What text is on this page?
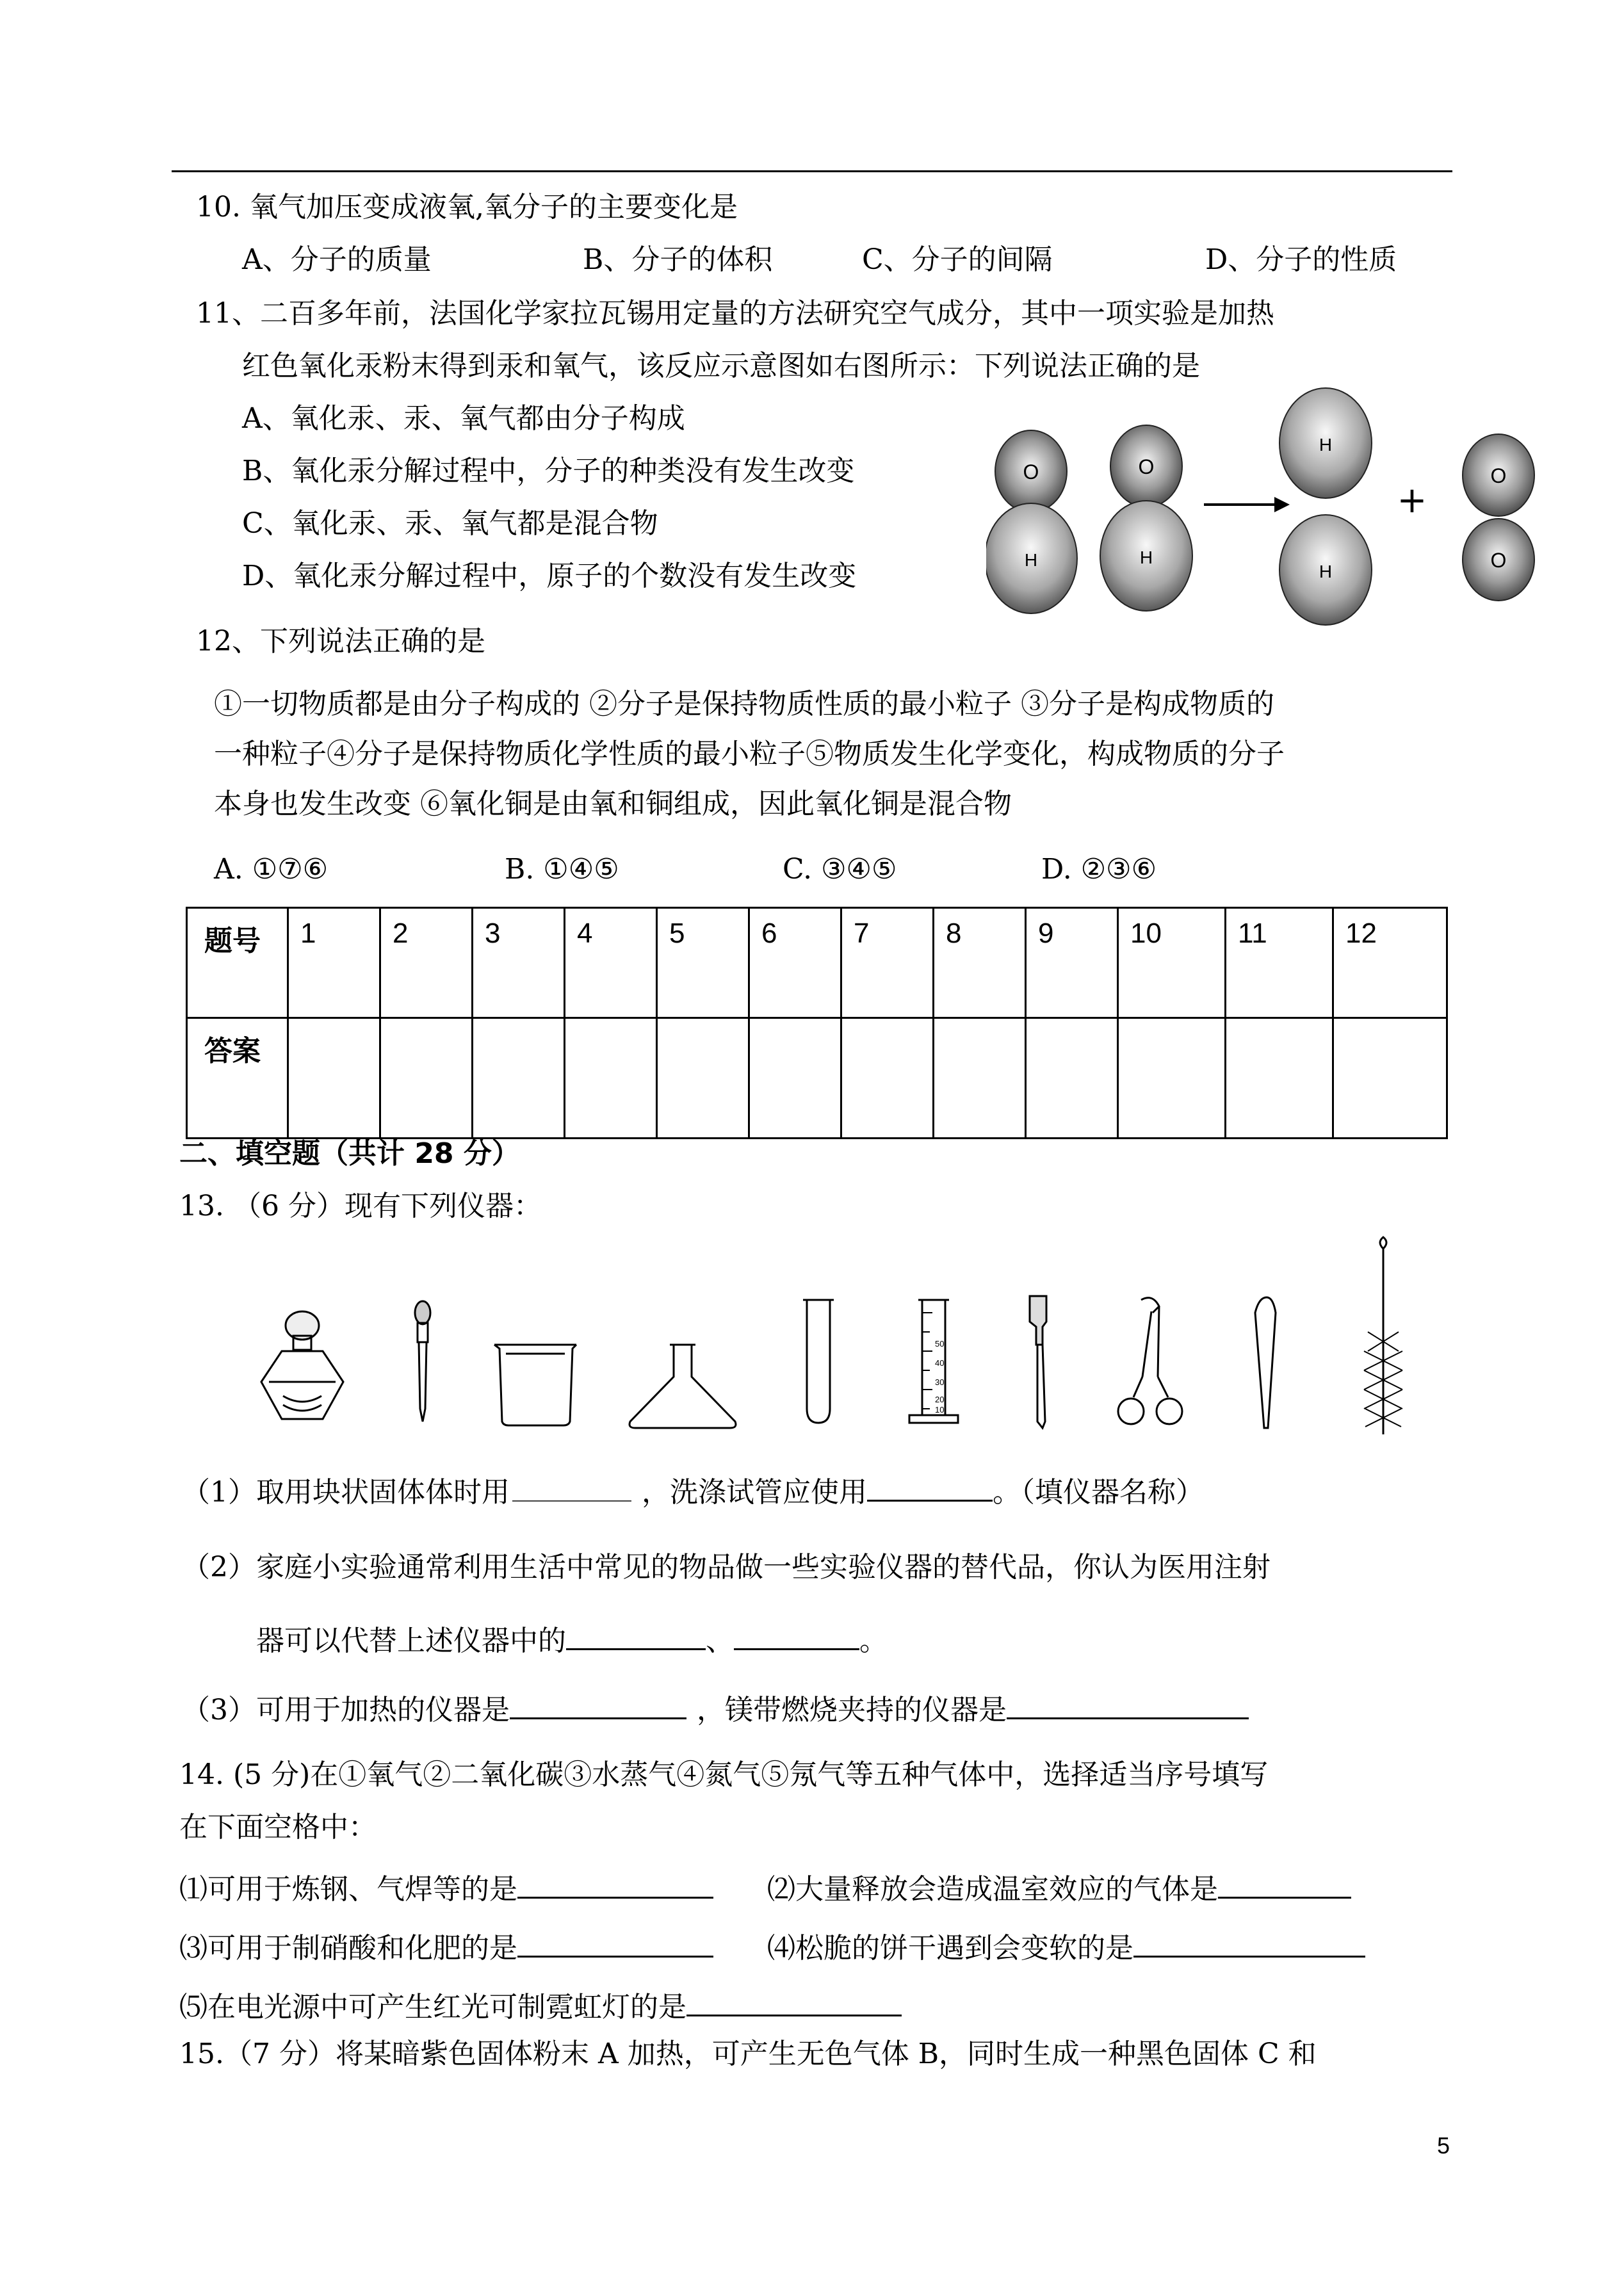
10. 氧气加压变成液氧,氧分子的主要变化是
A、分子的质量	B、分子的体积	C、分子的间隔	D、分子的性质
11、二百多年前，法国化学家拉瓦锡用定量的方法研究空气成分，其中一项实验是加热
红色氧化汞粉末得到汞和氧气，该反应示意图如右图所示：下列说法正确的是
A、氧化汞、汞、氧气都由分子构成
B、氧化汞分解过程中，分子的种类没有发生改变
C、氧化汞、汞、氧气都是混合物
D、氧化汞分解过程中，原子的个数没有发生改变
O
H
O
H
H
H
+
O
O
12、下列说法正确的是
①一切物质都是由分子构成的 ②分子是保持物质性质的最小粒子 ③分子是构成物质的
一种粒子④分子是保持物质化学性质的最小粒子⑤物质发生化学变化，构成物质的分子
本身也发生改变 ⑥氧化铜是由氧和铜组成，因此氧化铜是混合物
A. ①⑦⑥	B. ①④⑤	C. ③④⑤	D. ②③⑥
题号	1	2	3	4	5	6	7	8	9	10	11	12
答案												
二、填空题（共计 28 分）
13. （6 分）现有下列仪器：
50
40
30
20
10
（1）取用块状固体体时用	，洗涤试管应使用	。（填仪器名称）
（2）家庭小实验通常利用生活中常见的物品做一些实验仪器的替代品，你认为医用注射
器可以代替上述仪器中的	、	。
（3）可用于加热的仪器是	，镁带燃烧夹持的仪器是
14. (5 分)在①氧气②二氧化碳③水蒸气④氮气⑤氖气等五种气体中，选择适当序号填写
在下面空格中：
⑴可用于炼钢、气焊等的是	⑵大量释放会造成温室效应的气体是
⑶可用于制硝酸和化肥的是	⑷松脆的饼干遇到会变软的是
⑸在电光源中可产生红光可制霓虹灯的是
15.（7 分）将某暗紫色固体粉末 A 加热，可产生无色气体 B，同时生成一种黑色固体 C 和
5
